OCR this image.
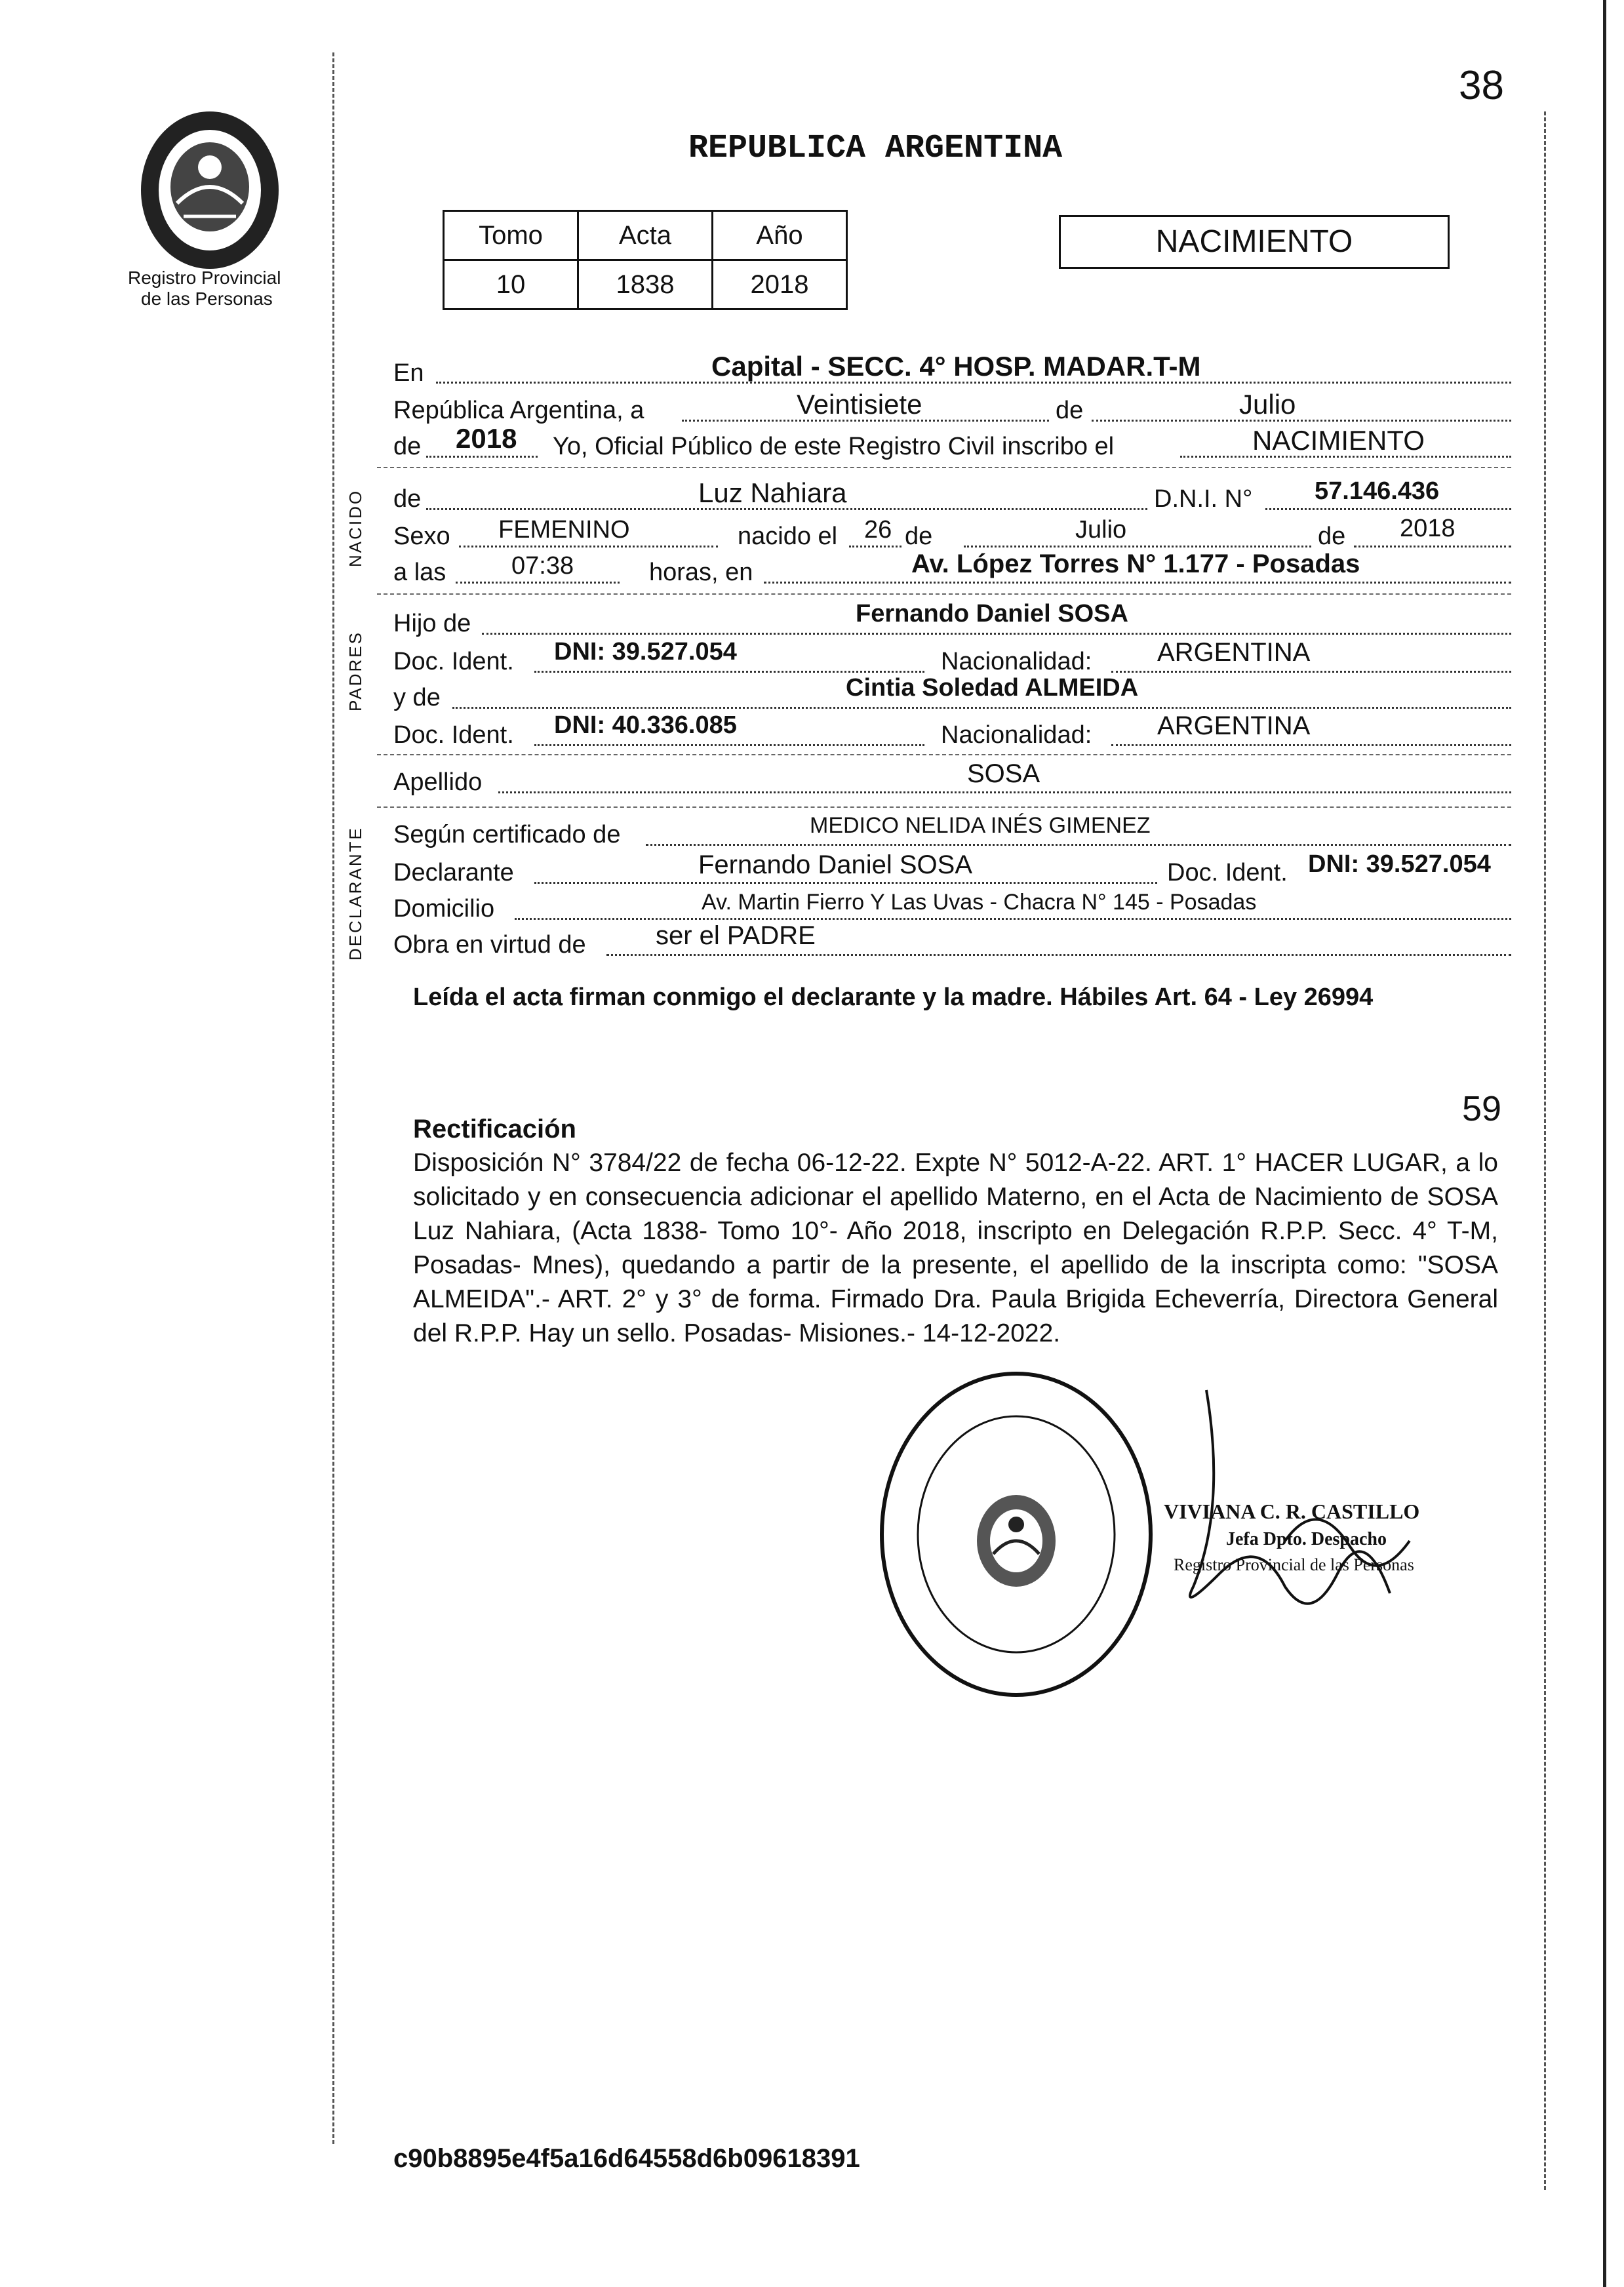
38
Registro Provincial
de las Personas
REPUBLICA ARGENTINA
Tomo	Acta	Año
10	1838	2018
NACIMIENTO
NACIDO
PADRES
DECLARANTE
En	Capital - SECC. 4° HOSP. MADAR.T-M
República Argentina, a	Veintisiete	de	Julio
de 2018 Yo, Oficial Público de este Registro Civil inscribo el	NACIMIENTO
de	Luz Nahiara	D.N.I. N° 57.146.436
Sexo FEMENINO	nacido el 26 de	Julio	de 2018
a las	07:38	horas, en	Av. López Torres N° 1.177 - Posadas
Hijo de	Fernando Daniel SOSA
Doc. Ident. DNI: 39.527.054	Nacionalidad: ARGENTINA
y de	Cintia Soledad ALMEIDA
Doc. Ident. DNI: 40.336.085	Nacionalidad: ARGENTINA
Apellido	SOSA
Según certificado de	MEDICO NELIDA INÉS GIMENEZ
Declarante	Fernando Daniel SOSA	Doc. Ident. DNI: 39.527.054
Domicilio	Av. Martin Fierro Y Las Uvas - Chacra N° 145 - Posadas
Obra en virtud de	ser el PADRE
Leída el acta firman conmigo el declarante y la madre. Hábiles Art. 64 - Ley 26994
59
Rectificación
Disposición N° 3784/22 de fecha 06-12-22. Expte N° 5012-A-22. ART. 1° HACER LUGAR, a lo solicitado y en consecuencia adicionar el apellido Materno, en el Acta de Nacimiento de SOSA Luz Nahiara, (Acta 1838- Tomo 10°- Año 2018, inscripto en Delegación R.P.P. Secc. 4° T-M, Posadas- Mnes), quedando a partir de la presente, el apellido de la inscripta como: "SOSA ALMEIDA".- ART. 2° y 3° de forma. Firmado Dra. Paula Brigida Echeverría, Directora General del R.P.P. Hay un sello. Posadas- Misiones.- 14-12-2022.
VIVIANA C. R. CASTILLO
Jefa Dpto. Despacho
Registro Provincial de las Personas
c90b8895e4f5a16d64558d6b09618391
